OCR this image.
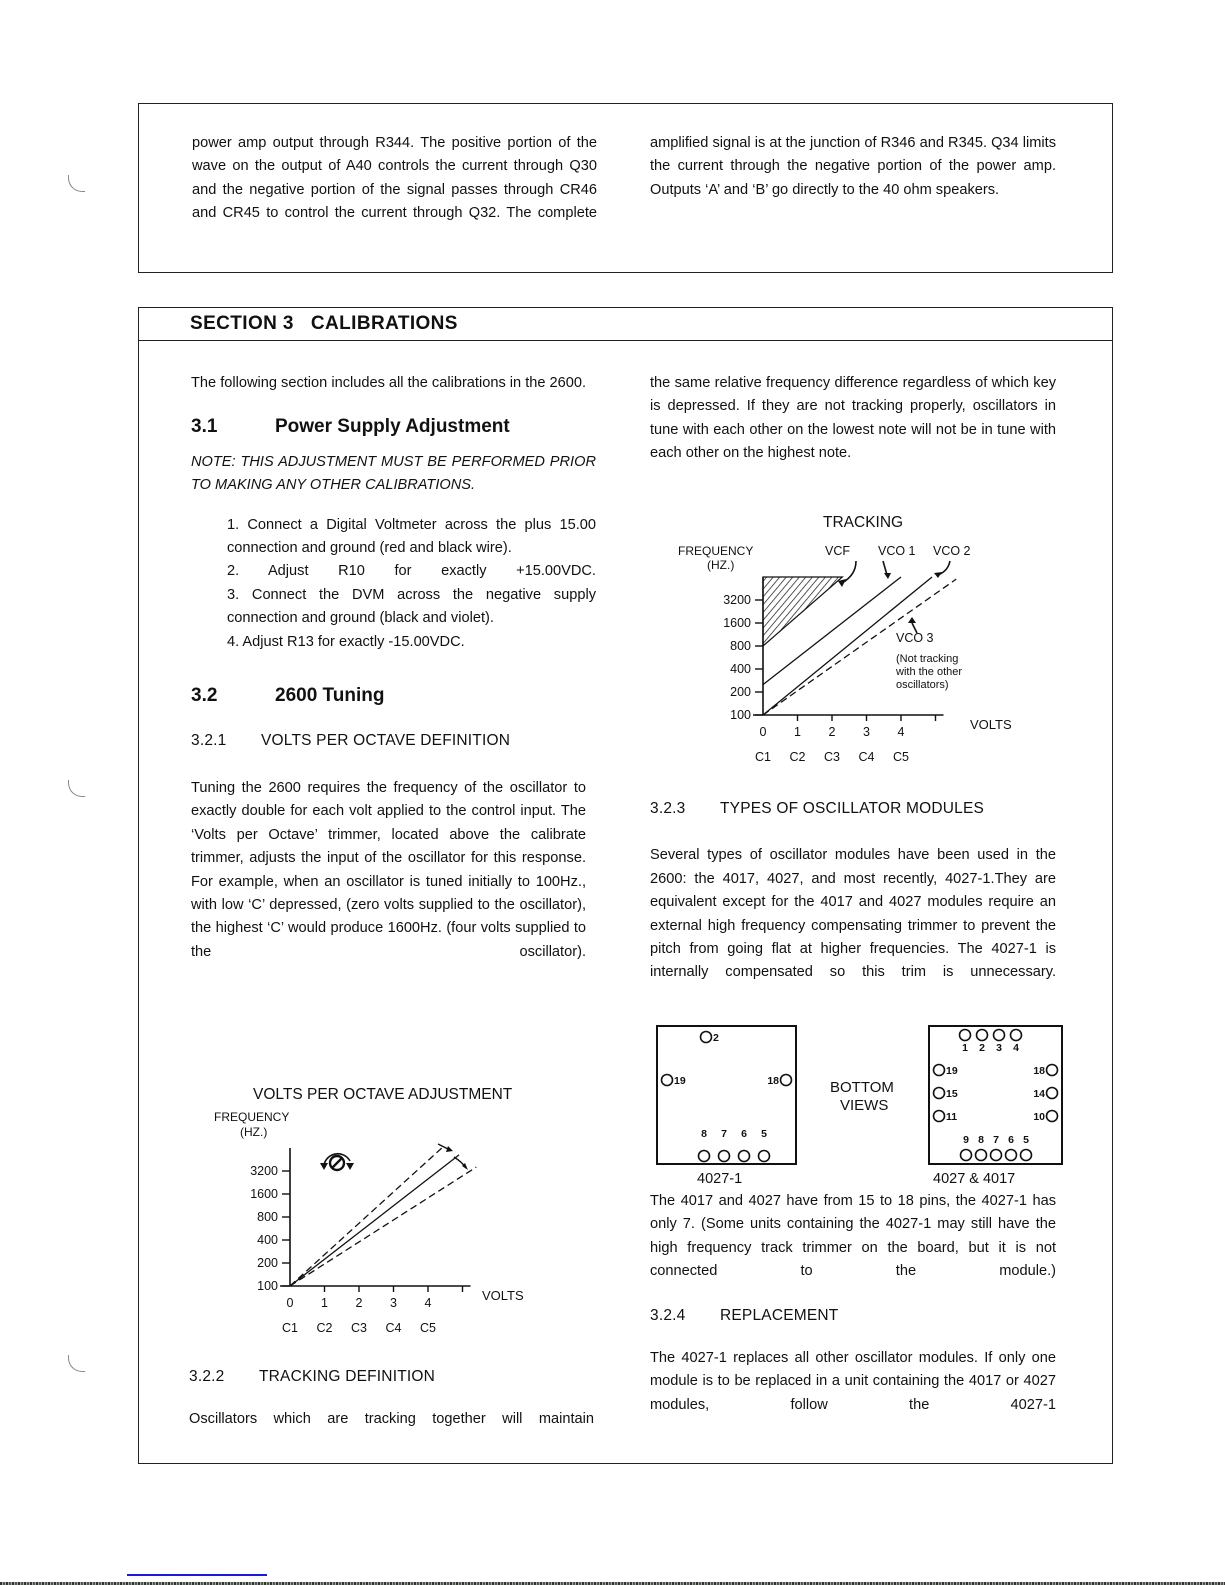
power amp output through R344. The positive portion of the wave on the output of A40 controls the current through Q30 and the negative portion of the signal passes through CR46 and CR45 to control the current through Q32. The complete

amplified signal is at the junction of R346 and R345. Q34 limits the current through the negative portion of the power amp. Outputs ‘A’ and ‘B’ go directly to the 40 ohm speakers.

SECTION 3   CALIBRATIONS

The following section includes all the calibrations in the 2600.

3.1	Power Supply Adjustment

NOTE: THIS ADJUSTMENT MUST BE PERFORMED PRIOR TO MAKING ANY OTHER CALIBRATIONS.

1. Connect a Digital Voltmeter across the plus 15.00 connection and ground (red and black wire).

2. Adjust R10 for exactly +15.00VDC.

3. Connect the DVM across the negative supply connection and ground (black and violet).

4. Adjust R13 for exactly -15.00VDC.

3.2	2600 Tuning
3.2.1 VOLTS PER OCTAVE DEFINITION

Tuning the 2600 requires the frequency of the oscillator to exactly double for each volt applied to the control input. The ‘Volts per Octave’ trimmer, located above the calibrate trimmer, adjusts the input of the oscillator for this response. For example, when an oscillator is tuned initially to 100Hz., with low ‘C’ depressed, (zero volts supplied to the oscillator), the highest ‘C’ would produce 1600Hz. (four volts supplied to the oscillator).

VOLTS PER OCTAVE ADJUSTMENT
FREQUENCY
(HZ.)
100
200
400
800
1600
3200
0 1 2 3 4
C1 C2 C3 C4 C5
VOLTS
3.2.2 TRACKING DEFINITION

Oscillators which are tracking together will maintain

the same relative frequency difference regardless of which key is depressed. If they are not tracking properly, oscillators in tune with each other on the lowest note will not be in tune with each other on the highest note.

TRACKING
FREQUENCY
(HZ.)
100
200
400
800
1600
3200
0 1 2 3 4
C1 C2 C3 C4 C5
VCF VCO 1 VCO 2
VCO 3
(Not tracking
with the other
oscillators)
VOLTS
3.2.3 TYPES OF OSCILLATOR MODULES

Several types of oscillator modules have been used in the 2600: the 4017, 4027, and most recently, 4027-1.They are equivalent except for the 4017 and 4027 modules require an external high frequency compensating trimmer to prevent the pitch from going flat at higher frequencies. The 4027-1 is internally compensated so this trim is unnecessary.

2
19	18
8 7 6 5
BOTTOM
VIEWS
1 2 3 4
19
15
11
18
14
10
9 8 7 6 5
4027-1	4027 & 4017

The 4017 and 4027 have from 15 to 18 pins, the 4027-1 has only 7. (Some units containing the 4027-1 may still have the high frequency track trimmer on the board, but it is not connected to the module.)

3.2.4 REPLACEMENT

The 4027-1 replaces all other oscillator modules. If only one module is to be replaced in a unit containing the 4017 or 4027 modules, follow the 4027-1
